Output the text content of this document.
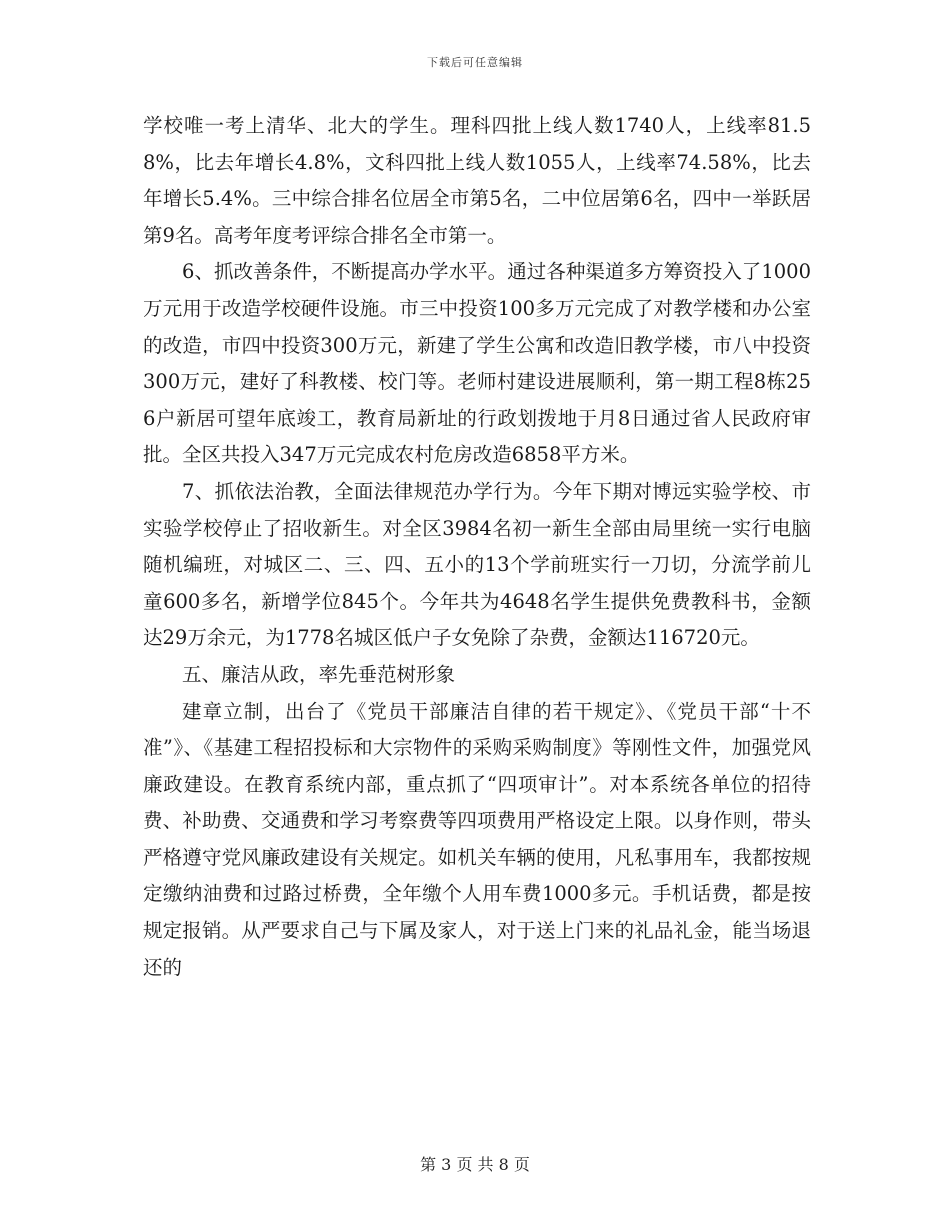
下载后可任意编辑

学校唯一考上清华、北大的学生。理科四批上线人数1740人，上线率81.58%，比去年增长4.8%，文科四批上线人数1055人，上线率74.58%，比去年增长5.4%。三中综合排名位居全市第5名，二中位居第6名，四中一举跃居第9名。高考年度考评综合排名全市第一。

6、抓改善条件，不断提高办学水平。通过各种渠道多方筹资投入了1000万元用于改造学校硬件设施。市三中投资100多万元完成了对教学楼和办公室的改造，市四中投资300万元，新建了学生公寓和改造旧教学楼，市八中投资300万元，建好了科教楼、校门等。老师村建设进展顺利，第一期工程8栋256户新居可望年底竣工，教育局新址的行政划拨地于月8日通过省人民政府审批。全区共投入347万元完成农村危房改造6858平方米。

7、抓依法治教，全面法律规范办学行为。今年下期对博远实验学校、市实验学校停止了招收新生。对全区3984名初一新生全部由局里统一实行电脑随机编班，对城区二、三、四、五小的13个学前班实行一刀切，分流学前儿童600多名，新增学位845个。今年共为4648名学生提供免费教科书，金额达29万余元，为1778名城区低户子女免除了杂费，金额达116720元。

五、廉洁从政，率先垂范树形象

建章立制，出台了《党员干部廉洁自律的若干规定》、《党员干部“十不准”》、《基建工程招投标和大宗物件的采购采购制度》等刚性文件，加强党风廉政建设。在教育系统内部，重点抓了“四项审计”。对本系统各单位的招待费、补助费、交通费和学习考察费等四项费用严格设定上限。以身作则，带头严格遵守党风廉政建设有关规定。如机关车辆的使用，凡私事用车，我都按规定缴纳油费和过路过桥费，全年缴个人用车费1000多元。手机话费，都是按规定报销。从严要求自己与下属及家人，对于送上门来的礼品礼金，能当场退还的

第 3 页 共 8 页
